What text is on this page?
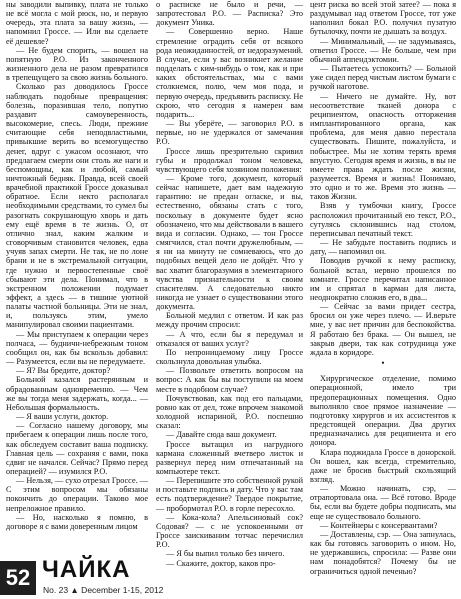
ны заводили выпивку, плата не только не всё могла с мой рюск, но, и первую очередь, эта плата за вашу жизнь, — напомнил Гроссе. — Или вы сделаете её дешевле?

— Не будем спорить, — вошел на попятную Р.О. Из законченного жизненного дела не разом превратился в трепещущего за свою жизнь больного.

Сколько раз доводилось Гроссе наблюдать подобные превращения: болезнь, поразившая тело, попутно раздавит самоуверенность, высокомерие, спесь. Люди, прежние считающие себя неподвластными, привыкшие верить во всемогущество денег, вдруг с ужасом осознают, что предлагаем смерти они столь же наги и беспомощны, как и любой, самый ничтожный бедняк. Правда, всей своей врачебной практикой Гроссе доказывал обратное. Если некто располагал необходимыми средствами, то сумел бы разогнать сокрушающую хворь и дать ему ещё время в те жизнь. О, от отлично знал, каким жалким и сговорчивым становится человек, едва учуяв запах смерти. Не так, не по лоне брани и не в экстремальной ситуации, где нужно и первостепенные своё сбывают эти дела. Понимал, что в экстренном положении подумает эффект, а здесь — в тишине уютной палаты частной больницы. Эти не знал, и, пользуясь этим, умело манипулировал своими пациентами.

— Мы приступаем к операции через полчаса, — будничн-небрежным тоном сообщил он, как бы вскользь добавил: — Разумеется, если вы не передумаете.

— Я? Вы бредите, доктор?

Больной казался растерянным и обрадованным одновременно. — Чем же вы тогда меня задержать, когда... — Небольшая формальность.

— Я ваши услуги, доктор.

— Согласно нашему договору, мы прибегаем к операции лишь после того, как обследуем составит ваша подписку. Главная цель — сохраняя с вами, пока сдвиг не начался. Сейчас? Прямо перед операцией? — изумился Р.О.

— Нельзя, — сухо отрезал Гроссе. — С этим вопросом мы обязаны покончить до операции. Таково мое непреложное правило.

— Но, насколько я помню, в договоре я с вами доверенным лицом

о расписке не было и речи, — запротестовал Р.О. — Расписка? Это документ Уника.

— Совершенно верно. Наше стремление оградить себя от всякого рода неожиданностей, от недоразумений. В случае, если у вас возникнет желание подделать с ким-нибудь о том, как и при каких обстоятельствах, мы с вами столкнемся, полю, чем моя пода, и первую очередь, предъявить расписку. Не скрою, что сегодня я намерен вам подарить...

— Вы уберёте, — заговорил Р.О. в первые, но не удержался от замечания Р.О.

Гроссе лишь презрительно скривил губы и продолжал тоном человека, чувствующего себя хозяином положения:

— Кроме того, документ, который сейчас напишете, дает вам надежную гарантию: не предан огласке, и вы, естественно, обязаны стать с того, поскольку в документе будет ясно обозначено, что мы действовали в вашего вида и согласии. Однако, — тон Гроссе смягчился, стал почти дружелюбным, — я ни на минуту не сомневаюсь, что до подобных вещей дело не дойдёт. Что у вас хватит благоразумия в элементарного чувства признательности к своим спасителям. А следовательно никто никогда не узнает о существовании этого документа.

Больной медлил с ответом. И как раз между прочим спросил:

— А что, если бы я передумал и отказался от ваших услуг?

По непроницаемому лицу Гроссе скользнула довольная улыбка.

— Позвольте ответить вопросом на вопрос: А как бы вы поступили на моем месте в подобном случае?

Почувствовав, как под его пальцами, ровно как от дел, тоже впрочем знакомой холодной испариной, Р.О. поспешно сказал:

— Давайте сюда ваш документ.

Гроссе вытащил из нагрудного кармана сложенный вчетверо листок и развернул перед ним отпечатанный на компьютере текст.

— Перепишите это собственной рукой и поставьте подпись и дату. Что у вас там есть подтверждение? Твердое покрытие, — пробормотал Р.О. в горле пересохло.

— Кока-кола? Апельсиновый сок? Содовая? — с не успокоенными от Гроссе заискиваним тотчас перечислил Р.О.

— Я бы выпил только без ничего.

— Скажите, доктор, каков про-

цент риска во всей этой затее? — пока я раздумывал над ответом Гроссе, тот уже наполнил бокал Р.О. получил пузатую бутылочку, почти не дышать за воздух.

— Минимальный, — не задумываясь, ответил Гроссе. — Не больше, чем при обычной аппендэктомии.

— Пытаетесь успокоить? — Больной уже сидел перед чистым листом бумаги с ручкой наготове.

— Ничего не думайте. Ну, вот несоответствие тканей донора с реципиентом, опасность отторжения имплантированного органа, как проблема, для меня давно перестала существовать. Пишите, пожалуйста, и побыстрее. Мы не хотим терять время впустую. Сегодня время и жизнь, в вы не имеете права ждать после жизни, разумеется. Время и жизнь! Понимаю, это одно и то же. Время это жизнь — таков Жизни.

Взяв у тумбочки книгу, Гроссе расположил прочитанный ею текст, Р.О., сутулясь склонившись над столом, переписывал печатный текст.

— Не забудьте поставить подпись и дату, — напомнил он.

Поводив ручкой к нему расписку, больной встал, нервно прошелся по комнате. Гроссе перечитал написанное им и спрятал в карман для листа, неоднократно сложив его, в два...

— Сейчас за вами придет сестра, бросил он уже через плечо. — И.верьте мне, у вас нет причин для беспокойства. Я работаю без брака. — Он вышел, не закрыв двери, так как сотрудница уже ждала в коридоре.

•

Хирургическое отделение, помимо операционной, имело три предоперационных помещения. Одно выполняло свое прямое назначение — подготовку хирургов и их ассистентов к предстоящей операции. Два других предназначались для реципиента и его донора.

Клара поджидала Гроссе в донорской. Он вошел, как всегда, стремительно, даже не бросив быстрый скользящий взгляд.

— Можно начинать, сэр, — отрапортовала она. — Всё готово. Вроде бы, если вы будете добры подписать, мы еще не существовало больного.

— Контейнеры с консервантами?

— Доставлены, сэр. — Она запнулась, как бы готовясь заговорить о ином. Но, не удержавшись, спросила: — Разве они нам понадобятся? Почему бы не ограничиться одной печенью?

52 ЧАЙКА
No. 23 ▲ December 1-15, 2012
